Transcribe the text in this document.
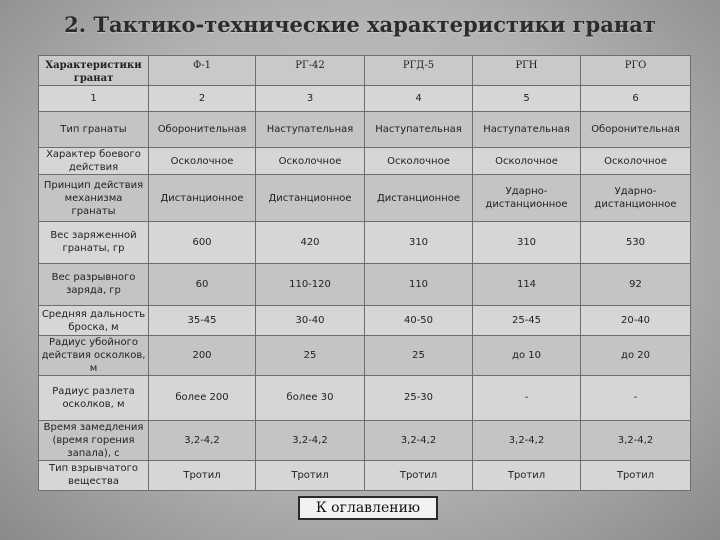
2. Тактико-технические характеристики гранат
Характеристики гранат	Ф-1	РГ-42	РГД-5	РГН	РГО
1	2	3	4	5	6
Тип гранаты	Оборонительная	Наступательная	Наступательная	Наступательная	Оборонительная
Характер боевого действия	Осколочное	Осколочное	Осколочное	Осколочное	Осколочное
Принцип действия механизма гранаты	Дистанционное	Дистанционное	Дистанционное	Ударно-дистанционное	Ударно-дистанционное
Вес заряженной гранаты, гр	600	420	310	310	530
Вес разрывного заряда, гр	60	110-120	110	114	92
Средняя дальность броска, м	35-45	30-40	40-50	25-45	20-40
Радиус убойного действия осколков, м	200	25	25	до 10	до 20
Радиус разлета осколков, м	более 200	более 30	25-30	-	-
Время замедления (время горения запала), с	3,2-4,2	3,2-4,2	3,2-4,2	3,2-4,2	3,2-4,2
Тип взрывчатого вещества	Тротил	Тротил	Тротил	Тротил	Тротил
К оглавлению
